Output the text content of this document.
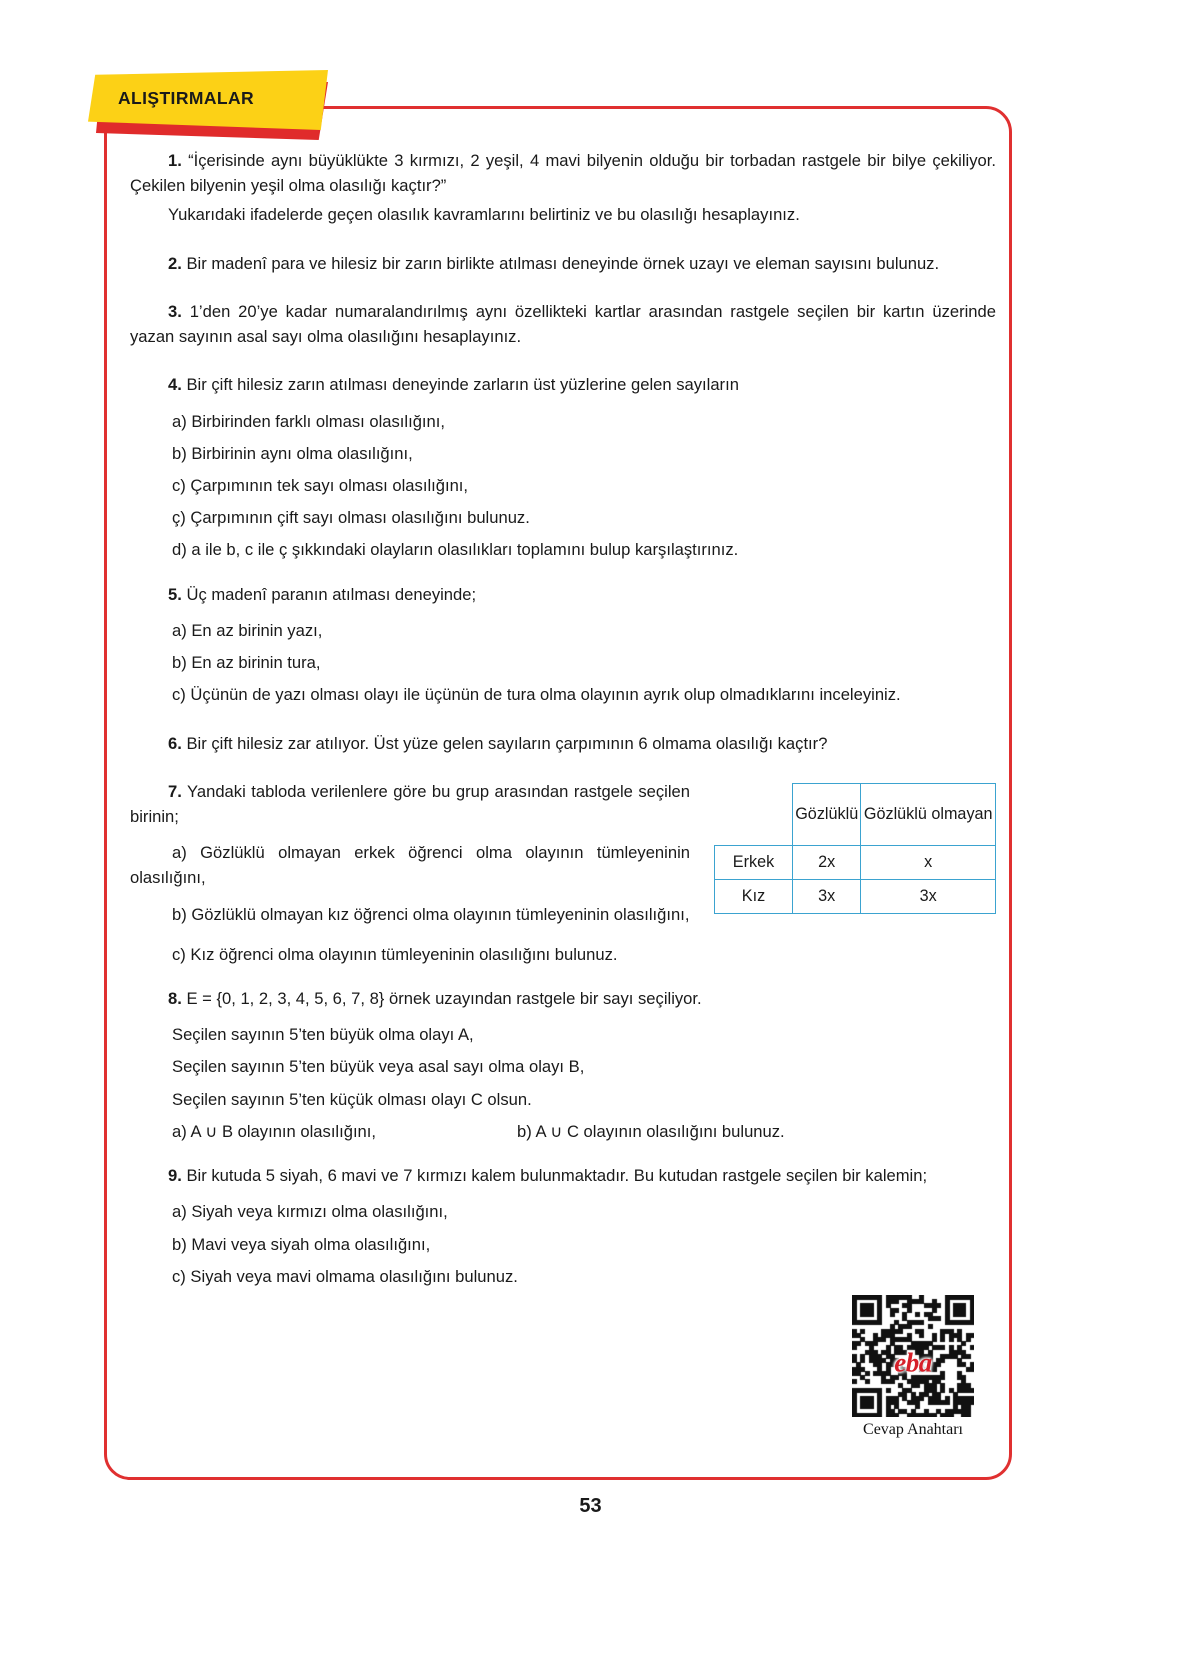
ALIŞTIRMALAR
1. “İçerisinde aynı büyüklükte 3 kırmızı, 2 yeşil, 4 mavi bilyenin olduğu bir torbadan rastgele bir bilye çekiliyor. Çekilen bilyenin yeşil olma olasılığı kaçtır?”
Yukarıdaki ifadelerde geçen olasılık kavramlarını belirtiniz ve bu olasılığı hesaplayınız.
2. Bir madenî para ve hilesiz bir zarın birlikte atılması deneyinde örnek uzayı ve eleman sayısını bulunuz.
3. 1’den 20’ye kadar numaralandırılmış aynı özellikteki kartlar arasından rastgele seçilen bir kartın üzerinde yazan sayının asal sayı olma olasılığını hesaplayınız.
4. Bir çift hilesiz zarın atılması deneyinde zarların üst yüzlerine gelen sayıların
a) Birbirinden farklı olması olasılığını,
b) Birbirinin aynı olma olasılığını,
c) Çarpımının tek sayı olması olasılığını,
ç) Çarpımının çift sayı olması olasılığını bulunuz.
d) a ile b, c ile ç şıkkındaki olayların olasılıkları toplamını bulup karşılaştırınız.
5. Üç madenî paranın atılması deneyinde;
a) En az birinin yazı,
b) En az birinin tura,
c) Üçünün de yazı olması olayı ile üçünün de tura olma olayının ayrık olup olmadıklarını inceleyiniz.
6. Bir çift hilesiz zar atılıyor. Üst yüze gelen sayıların çarpımının 6 olmama olasılığı kaçtır?
7. Yandaki tabloda verilenlere göre bu grup arasından rastgele seçilen birinin;
a) Gözlüklü olmayan erkek öğrenci olma olayının tümleyeninin olasılığını,
b) Gözlüklü olmayan kız öğrenci olma olayının tümleyeninin olasılığını,
	Gözlüklü	Gözlüklü olmayan
Erkek	2x	x
Kız	3x	3x
c) Kız öğrenci olma olayının tümleyeninin olasılığını bulunuz.
8. E = {0, 1, 2, 3, 4, 5, 6, 7, 8} örnek uzayından rastgele bir sayı seçiliyor.
Seçilen sayının 5’ten büyük olma olayı A,
Seçilen sayının 5’ten büyük veya asal sayı olma olayı B,
Seçilen sayının 5’ten küçük olması olayı C olsun.
a) A ∪ B olayının olasılığını,	b) A ∪ C olayının olasılığını bulunuz.
9. Bir kutuda 5 siyah, 6 mavi ve 7 kırmızı kalem bulunmaktadır. Bu kutudan rastgele seçilen bir kalemin;
a) Siyah veya kırmızı olma olasılığını,
b) Mavi veya siyah olma olasılığını,
c) Siyah veya mavi olmama olasılığını bulunuz.
eba
Cevap Anahtarı
53
